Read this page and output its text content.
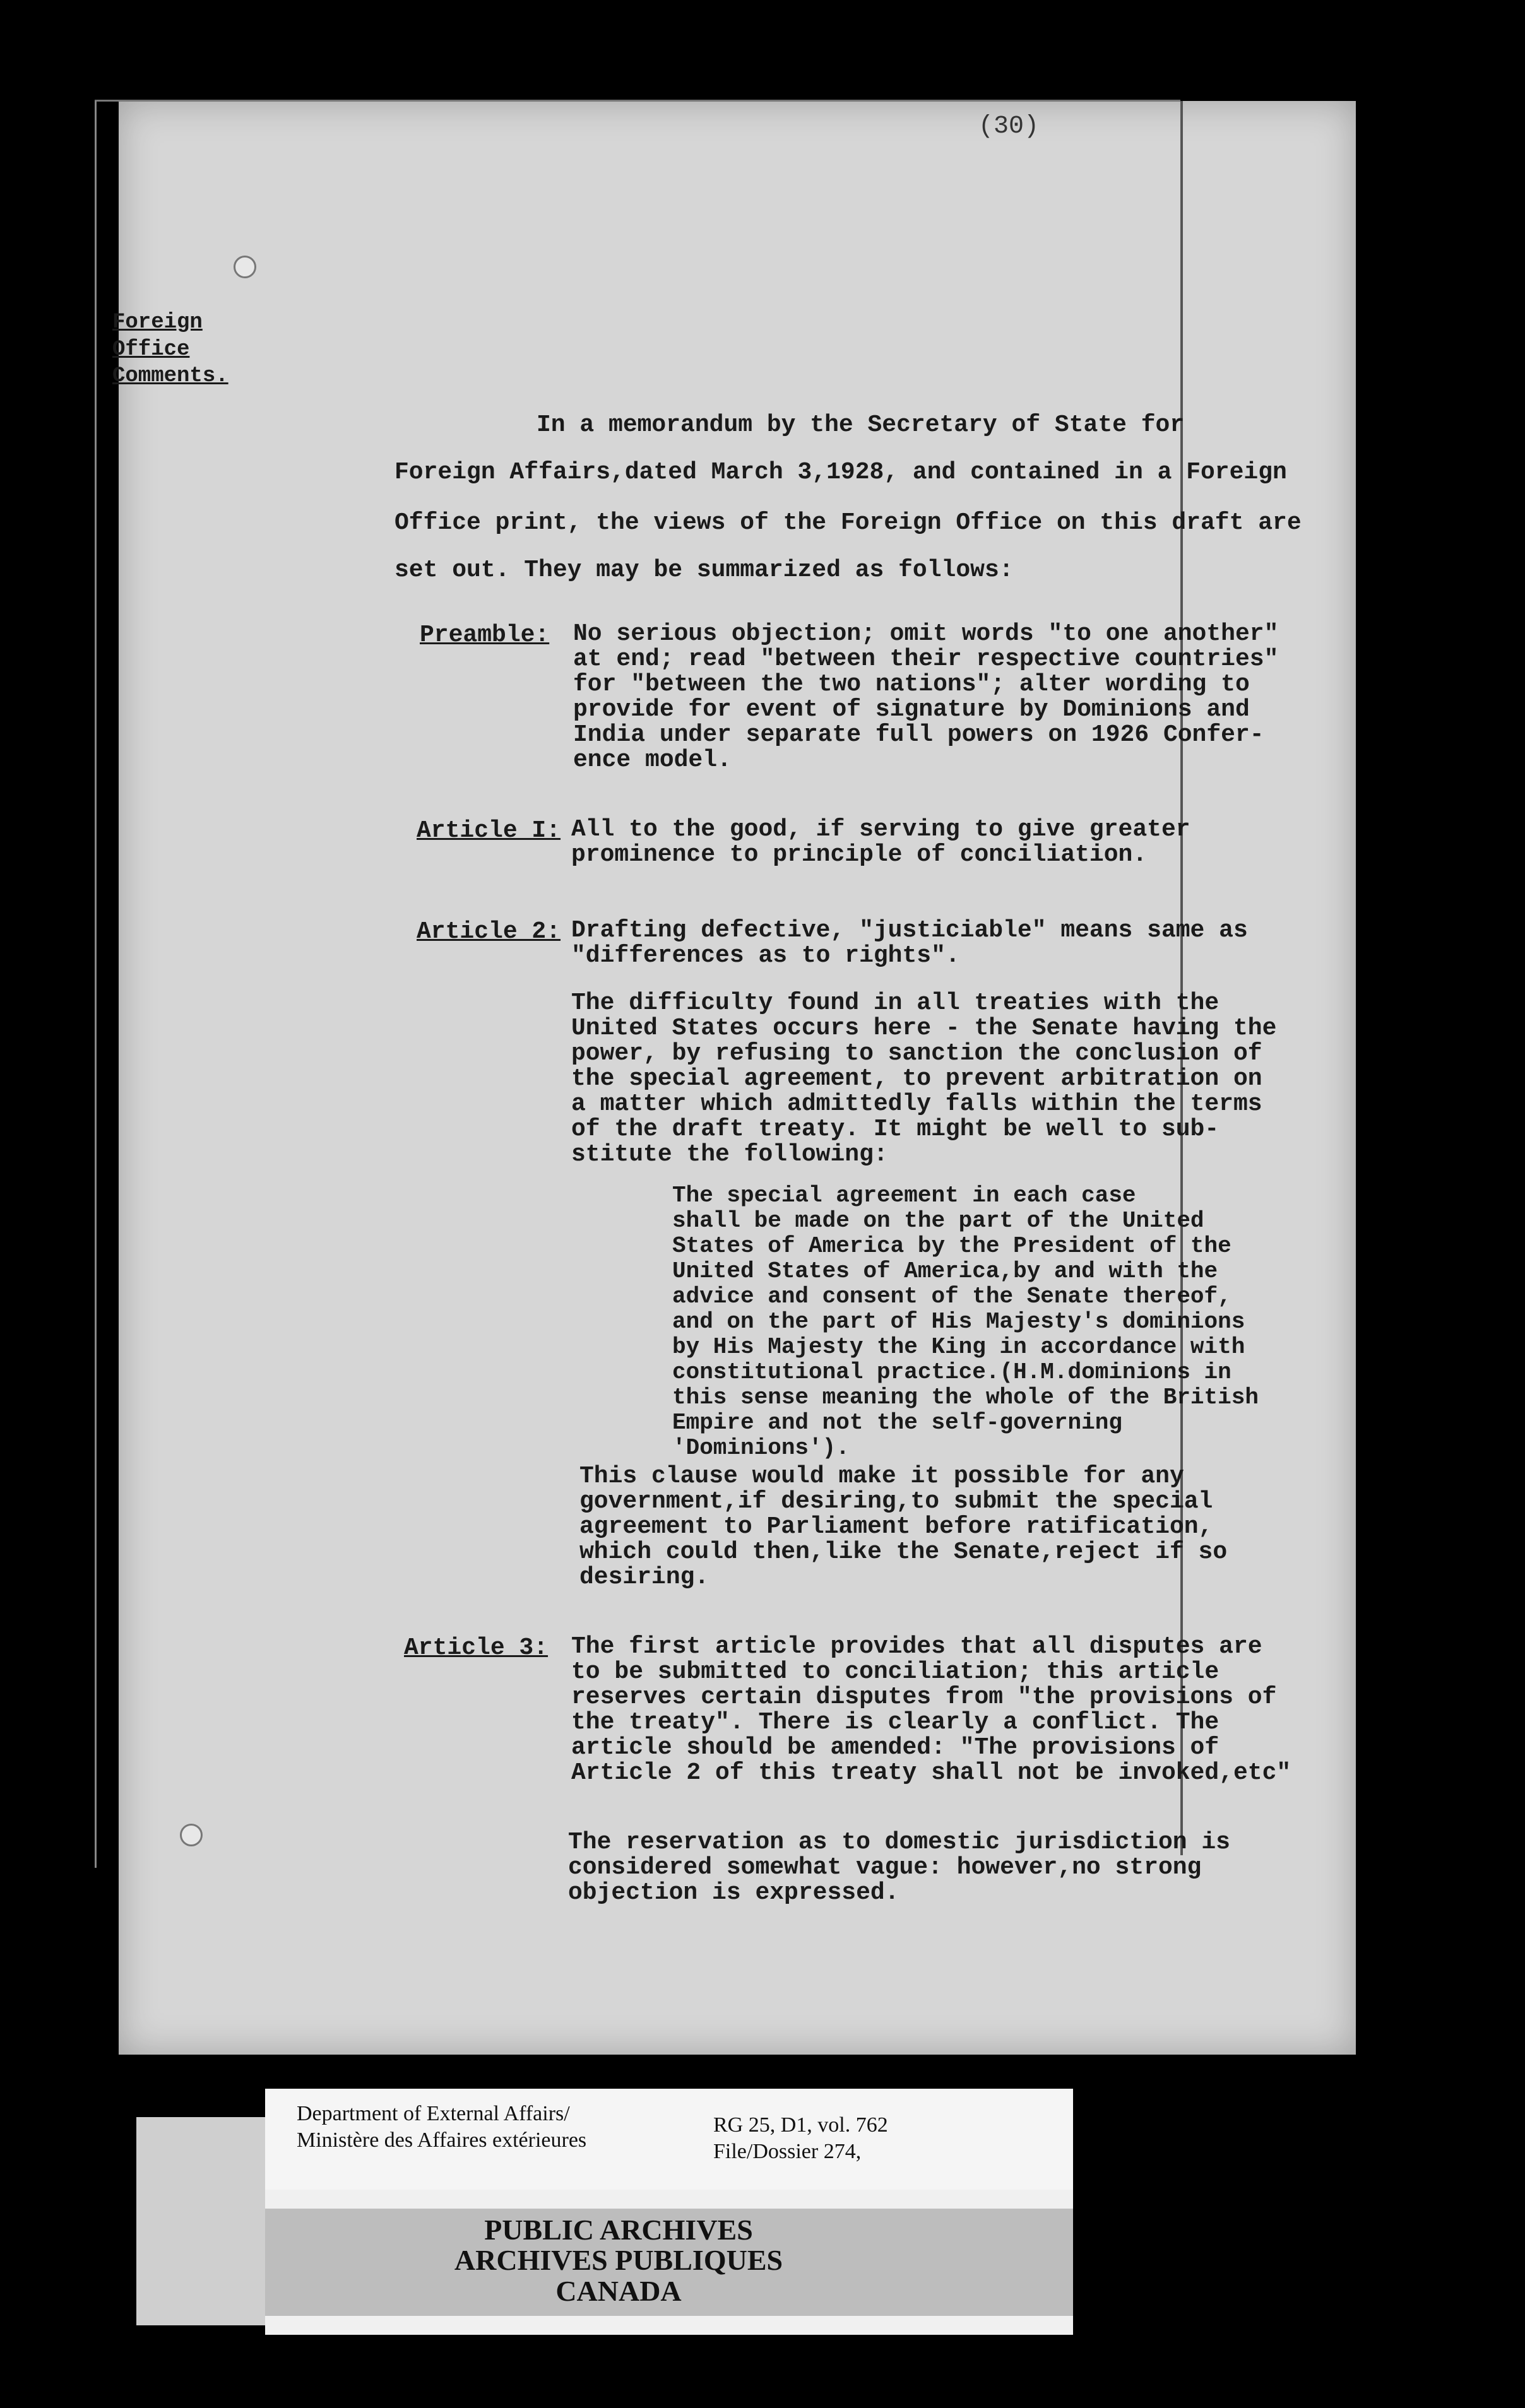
(30)
Foreign Office Comments.
In a memorandum by the Secretary of State for
Foreign Affairs,dated March 3,1928, and contained in a Foreign
Office print, the views of the Foreign Office on this draft are
set out. They may be summarized as follows:
Preamble: No serious objection; omit words "to one another"
at end; read "between their respective countries"
for "between the two nations"; alter wording to
provide for event of signature by Dominions and
India under separate full powers on 1926 Confer-
ence model.
Article I: All to the good, if serving to give greater
prominence to principle of conciliation.
Article 2: Drafting defective, "justiciable" means same as
"differences as to rights".
The difficulty found in all treaties with the
United States occurs here - the Senate having the
power, by refusing to sanction the conclusion of
the special agreement, to prevent arbitration on
a matter which admittedly falls within the terms
of the draft treaty. It might be well to sub-
stitute the following:
The special agreement in each case
shall be made on the part of the United
States of America by the President of the
United States of America,by and with the
advice and consent of the Senate thereof,
and on the part of His Majesty's dominions
by His Majesty the King in accordance with
constitutional practice.(H.M.dominions in
this sense meaning the whole of the British
Empire and not the self-governing
'Dominions').
This clause would make it possible for any
government,if desiring,to submit the special
agreement to Parliament before ratification,
which could then,like the Senate,reject if so
desiring.
Article 3: The first article provides that all disputes are
to be submitted to conciliation; this article
reserves certain disputes from "the provisions of
the treaty". There is clearly a conflict. The
article should be amended: "The provisions of
Article 2 of this treaty shall not be invoked,etc"
The reservation as to domestic jurisdiction is
considered somewhat vague: however,no strong
objection is expressed.
Department of External Affairs/
Ministère des Affaires extérieures
RG 25, D1, vol. 762
File/Dossier 274,
PUBLIC ARCHIVES
ARCHIVES PUBLIQUES
CANADA
